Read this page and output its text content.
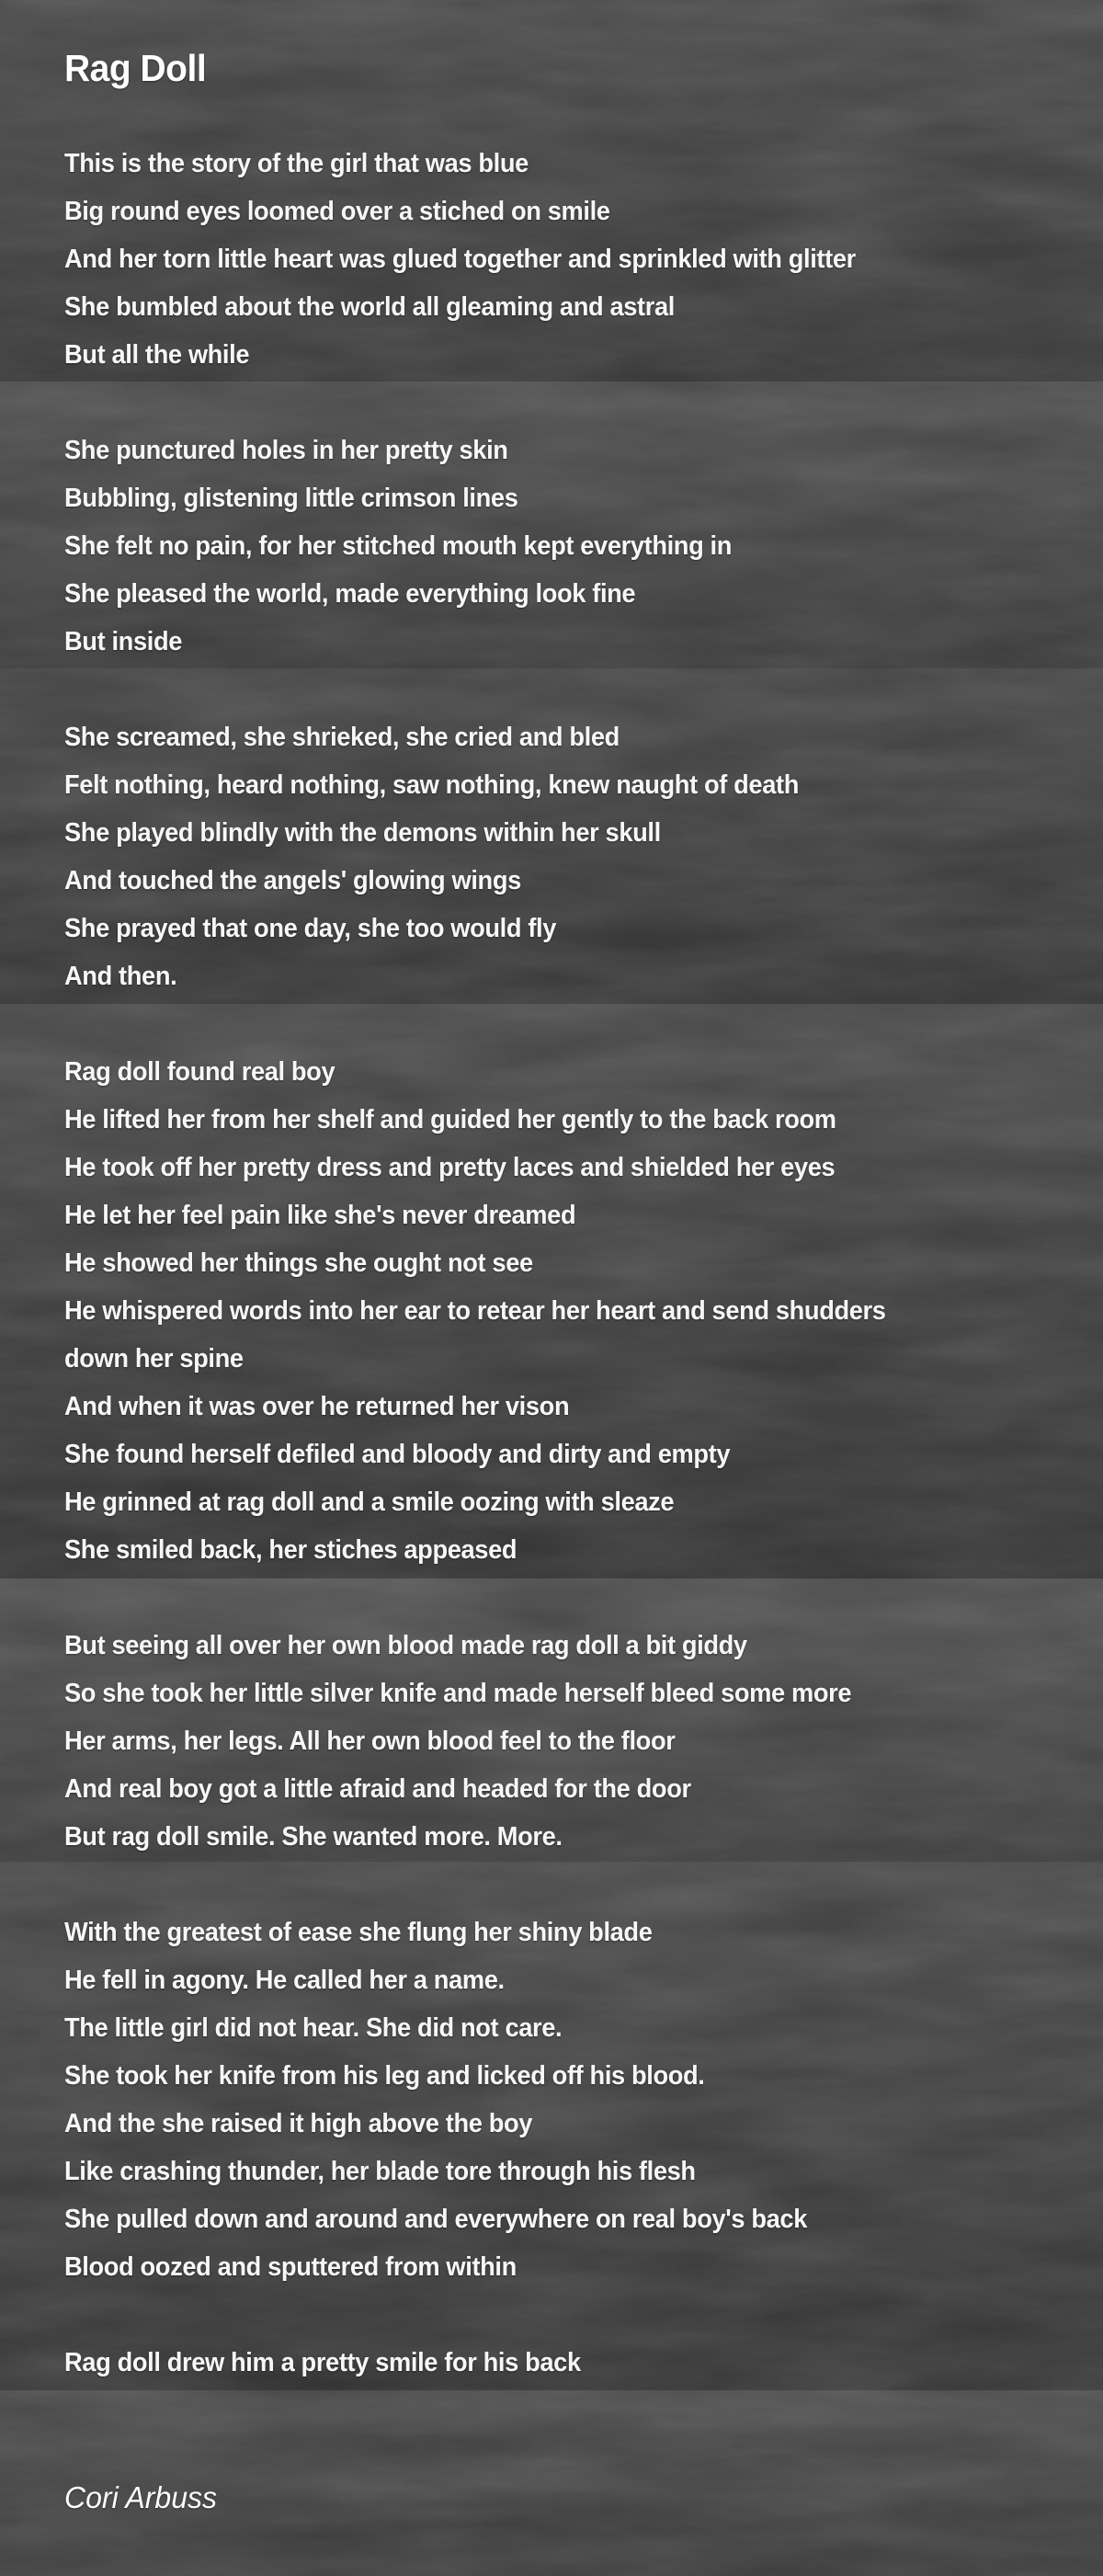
Rag Doll
This is the story of the girl that was blue
Big round eyes loomed over a stiched on smile
And her torn little heart was glued together and sprinkled with glitter
She bumbled about the world all gleaming and astral
But all the while
She punctured holes in her pretty skin
Bubbling, glistening little crimson lines
She felt no pain, for her stitched mouth kept everything in
She pleased the world, made everything look fine
But inside
She screamed, she shrieked, she cried and bled
Felt nothing, heard nothing, saw nothing, knew naught of death
She played blindly with the demons within her skull
And touched the angels' glowing wings
She prayed that one day, she too would fly
And then.
Rag doll found real boy
He lifted her from her shelf and guided her gently to the back room
He took off her pretty dress and pretty laces and shielded her eyes
He let her feel pain like she's never dreamed
He showed her things she ought not see
He whispered words into her ear to retear her heart and send shudders
down her spine
And when it was over he returned her vison
She found herself defiled and bloody and dirty and empty
He grinned at rag doll and a smile oozing with sleaze
She smiled back, her stiches appeased
But seeing all over her own blood made rag doll a bit giddy
So she took her little silver knife and made herself bleed some more
Her arms, her legs. All her own blood feel to the floor
And real boy got a little afraid and headed for the door
But rag doll smile. She wanted more. More.
With the greatest of ease she flung her shiny blade
He fell in agony. He called her a name.
The little girl did not hear. She did not care.
She took her knife from his leg and licked off his blood.
And the she raised it high above the boy
Like crashing thunder, her blade tore through his flesh
She pulled down and around and everywhere on real boy's back
Blood oozed and sputtered from within
Rag doll drew him a pretty smile for his back

Cori Arbuss
